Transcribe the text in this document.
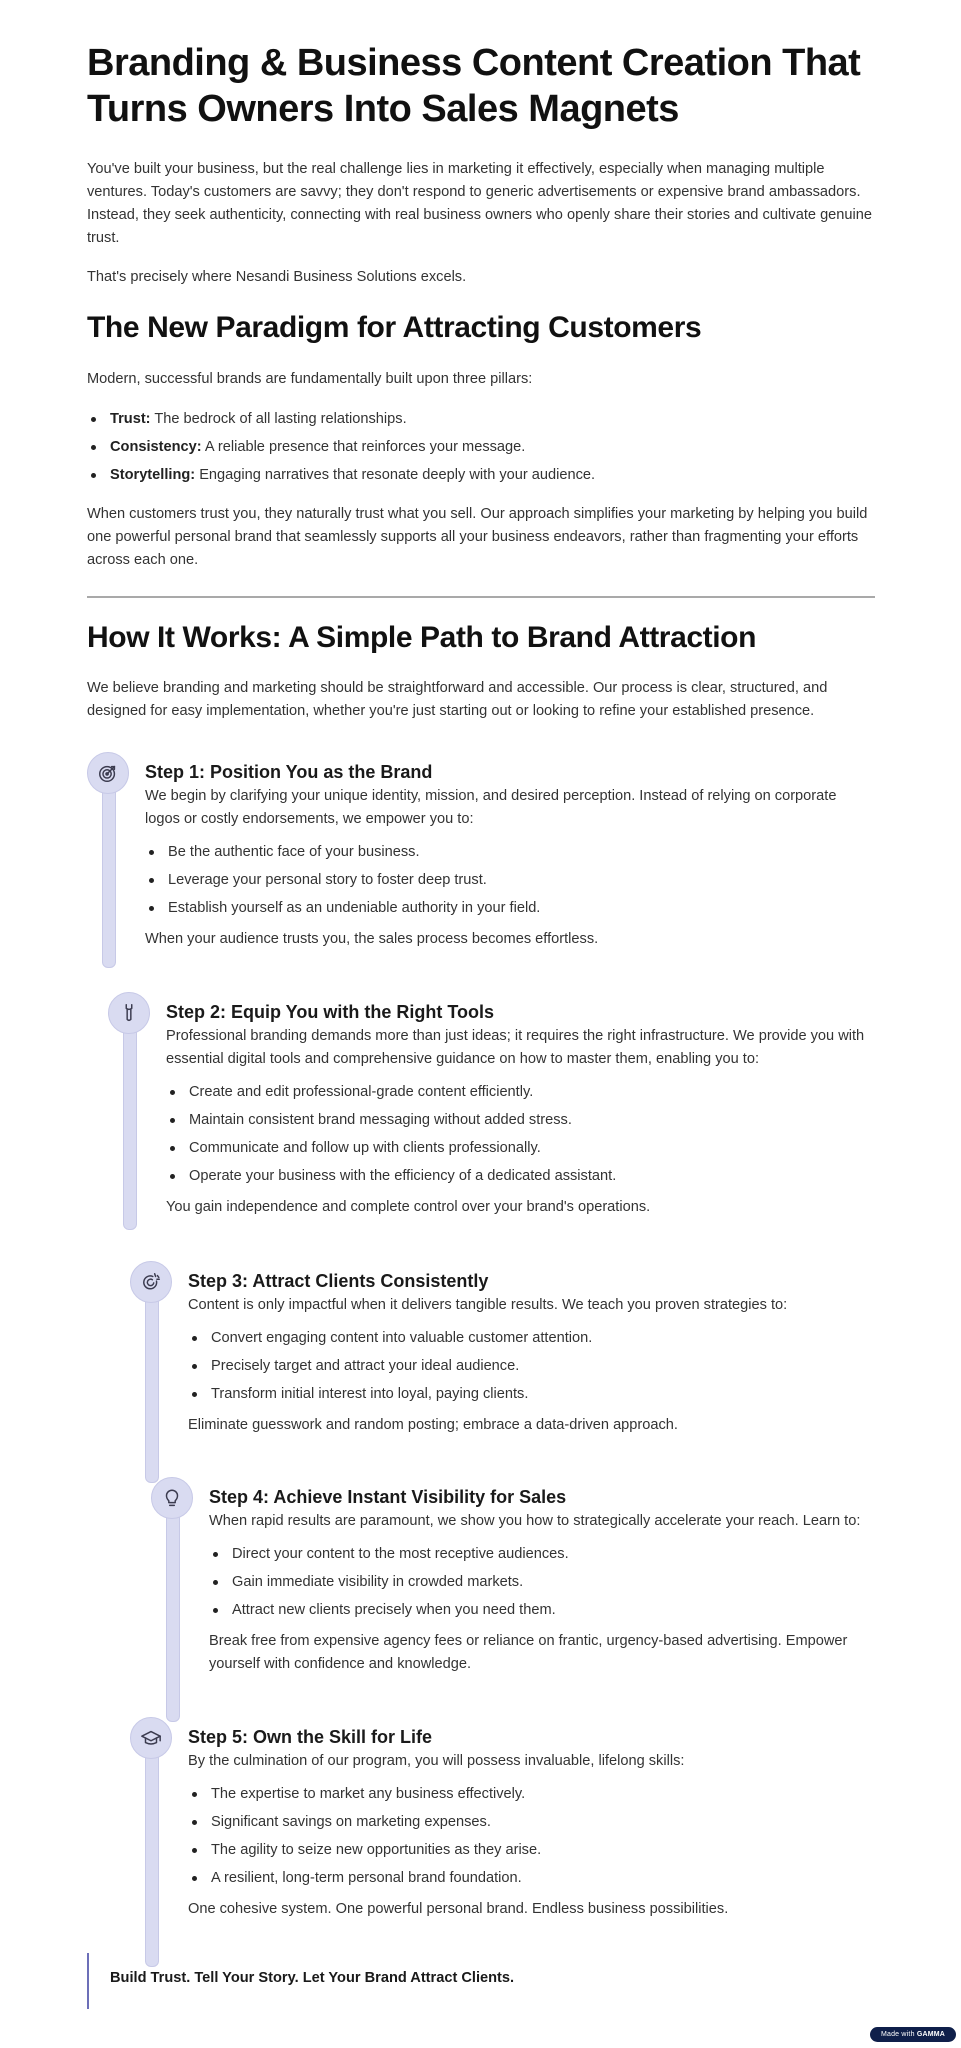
Branding & Business Content Creation That Turns Owners Into Sales Magnets

You've built your business, but the real challenge lies in marketing it effectively, especially when managing multiple ventures. Today's customers are savvy; they don't respond to generic advertisements or expensive brand ambassadors. Instead, they seek authenticity, connecting with real business owners who openly share their stories and cultivate genuine trust.

That's precisely where Nesandi Business Solutions excels.

The New Paradigm for Attracting Customers

Modern, successful brands are fundamentally built upon three pillars:

Trust: The bedrock of all lasting relationships.
Consistency: A reliable presence that reinforces your message.
Storytelling: Engaging narratives that resonate deeply with your audience.

When customers trust you, they naturally trust what you sell. Our approach simplifies your marketing by helping you build one powerful personal brand that seamlessly supports all your business endeavors, rather than fragmenting your efforts across each one.

How It Works: A Simple Path to Brand Attraction

We believe branding and marketing should be straightforward and accessible. Our process is clear, structured, and designed for easy implementation, whether you're just starting out or looking to refine your established presence.

Step 1: Position You as the Brand

We begin by clarifying your unique identity, mission, and desired perception. Instead of relying on corporate logos or costly endorsements, we empower you to:

Be the authentic face of your business.
Leverage your personal story to foster deep trust.
Establish yourself as an undeniable authority in your field.

When your audience trusts you, the sales process becomes effortless.

Step 2: Equip You with the Right Tools

Professional branding demands more than just ideas; it requires the right infrastructure. We provide you with essential digital tools and comprehensive guidance on how to master them, enabling you to:

Create and edit professional-grade content efficiently.
Maintain consistent brand messaging without added stress.
Communicate and follow up with clients professionally.
Operate your business with the efficiency of a dedicated assistant.

You gain independence and complete control over your brand's operations.

Step 3: Attract Clients Consistently

Content is only impactful when it delivers tangible results. We teach you proven strategies to:

Convert engaging content into valuable customer attention.
Precisely target and attract your ideal audience.
Transform initial interest into loyal, paying clients.

Eliminate guesswork and random posting; embrace a data-driven approach.

Step 4: Achieve Instant Visibility for Sales

When rapid results are paramount, we show you how to strategically accelerate your reach. Learn to:

Direct your content to the most receptive audiences.
Gain immediate visibility in crowded markets.
Attract new clients precisely when you need them.

Break free from expensive agency fees or reliance on frantic, urgency-based advertising. Empower yourself with confidence and knowledge.

Step 5: Own the Skill for Life

By the culmination of our program, you will possess invaluable, lifelong skills:

The expertise to market any business effectively.
Significant savings on marketing expenses.
The agility to seize new opportunities as they arise.
A resilient, long-term personal brand foundation.

One cohesive system. One powerful personal brand. Endless business possibilities.

Build Trust. Tell Your Story. Let Your Brand Attract Clients.
Made with GAMMA
